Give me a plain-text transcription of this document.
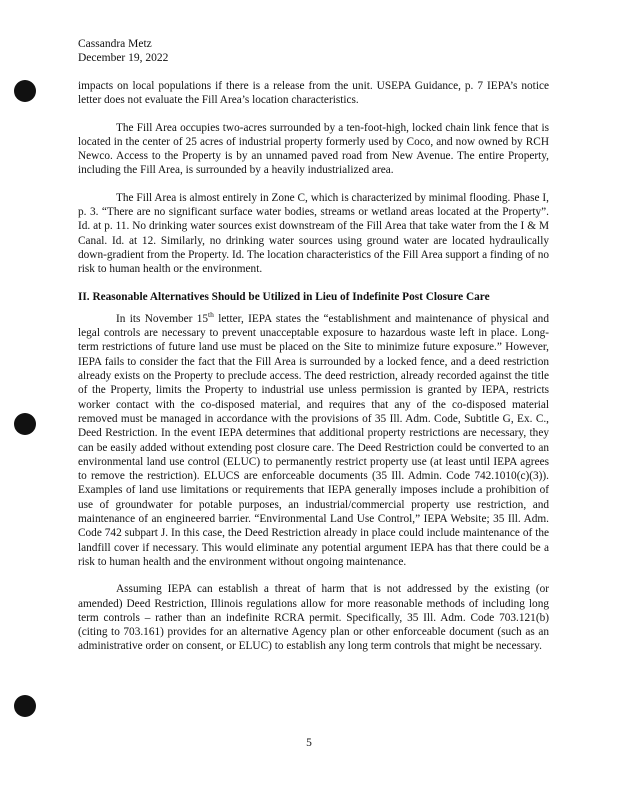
Cassandra Metz
December 19, 2022

impacts on local populations if there is a release from the unit. USEPA Guidance, p. 7 IEPA’s notice letter does not evaluate the Fill Area’s location characteristics.

The Fill Area occupies two-acres surrounded by a ten-foot-high, locked chain link fence that is located in the center of 25 acres of industrial property formerly used by Coco, and now owned by RCH Newco. Access to the Property is by an unnamed paved road from New Avenue. The entire Property, including the Fill Area, is surrounded by a heavily industrialized area.

The Fill Area is almost entirely in Zone C, which is characterized by minimal flooding. Phase I, p. 3. “There are no significant surface water bodies, streams or wetland areas located at the Property”. Id. at p. 11. No drinking water sources exist downstream of the Fill Area that take water from the I & M Canal. Id. at 12. Similarly, no drinking water sources using ground water are located hydraulically down-gradient from the Property. Id. The location characteristics of the Fill Area support a finding of no risk to human health or the environment.

II. Reasonable Alternatives Should be Utilized in Lieu of Indefinite Post Closure Care

In its November 15th letter, IEPA states the “establishment and maintenance of physical and legal controls are necessary to prevent unacceptable exposure to hazardous waste left in place. Long-term restrictions of future land use must be placed on the Site to minimize future exposure.” However, IEPA fails to consider the fact that the Fill Area is surrounded by a locked fence, and a deed restriction already exists on the Property to preclude access. The deed restriction, already recorded against the title of the Property, limits the Property to industrial use unless permission is granted by IEPA, restricts worker contact with the co-disposed material, and requires that any of the co-disposed material removed must be managed in accordance with the provisions of 35 Ill. Adm. Code, Subtitle G, Ex. C., Deed Restriction. In the event IEPA determines that additional property restrictions are necessary, they can be easily added without extending post closure care. The Deed Restriction could be converted to an environmental land use control (ELUC) to permanently restrict property use (at least until IEPA agrees to remove the restriction). ELUCS are enforceable documents (35 Ill. Admin. Code 742.1010(c)(3)). Examples of land use limitations or requirements that IEPA generally imposes include a prohibition of use of groundwater for potable purposes, an industrial/commercial property use restriction, and maintenance of an engineered barrier. “Environmental Land Use Control,” IEPA Website; 35 Ill. Adm. Code 742 subpart J. In this case, the Deed Restriction already in place could include maintenance of the landfill cover if necessary. This would eliminate any potential argument IEPA has that there could be a risk to human health and the environment without ongoing maintenance.

Assuming IEPA can establish a threat of harm that is not addressed by the existing (or amended) Deed Restriction, Illinois regulations allow for more reasonable methods of including long term controls – rather than an indefinite RCRA permit. Specifically, 35 Ill. Adm. Code 703.121(b) (citing to 703.161) provides for an alternative Agency plan or other enforceable document (such as an administrative order on consent, or ELUC) to establish any long term controls that might be necessary.

5
